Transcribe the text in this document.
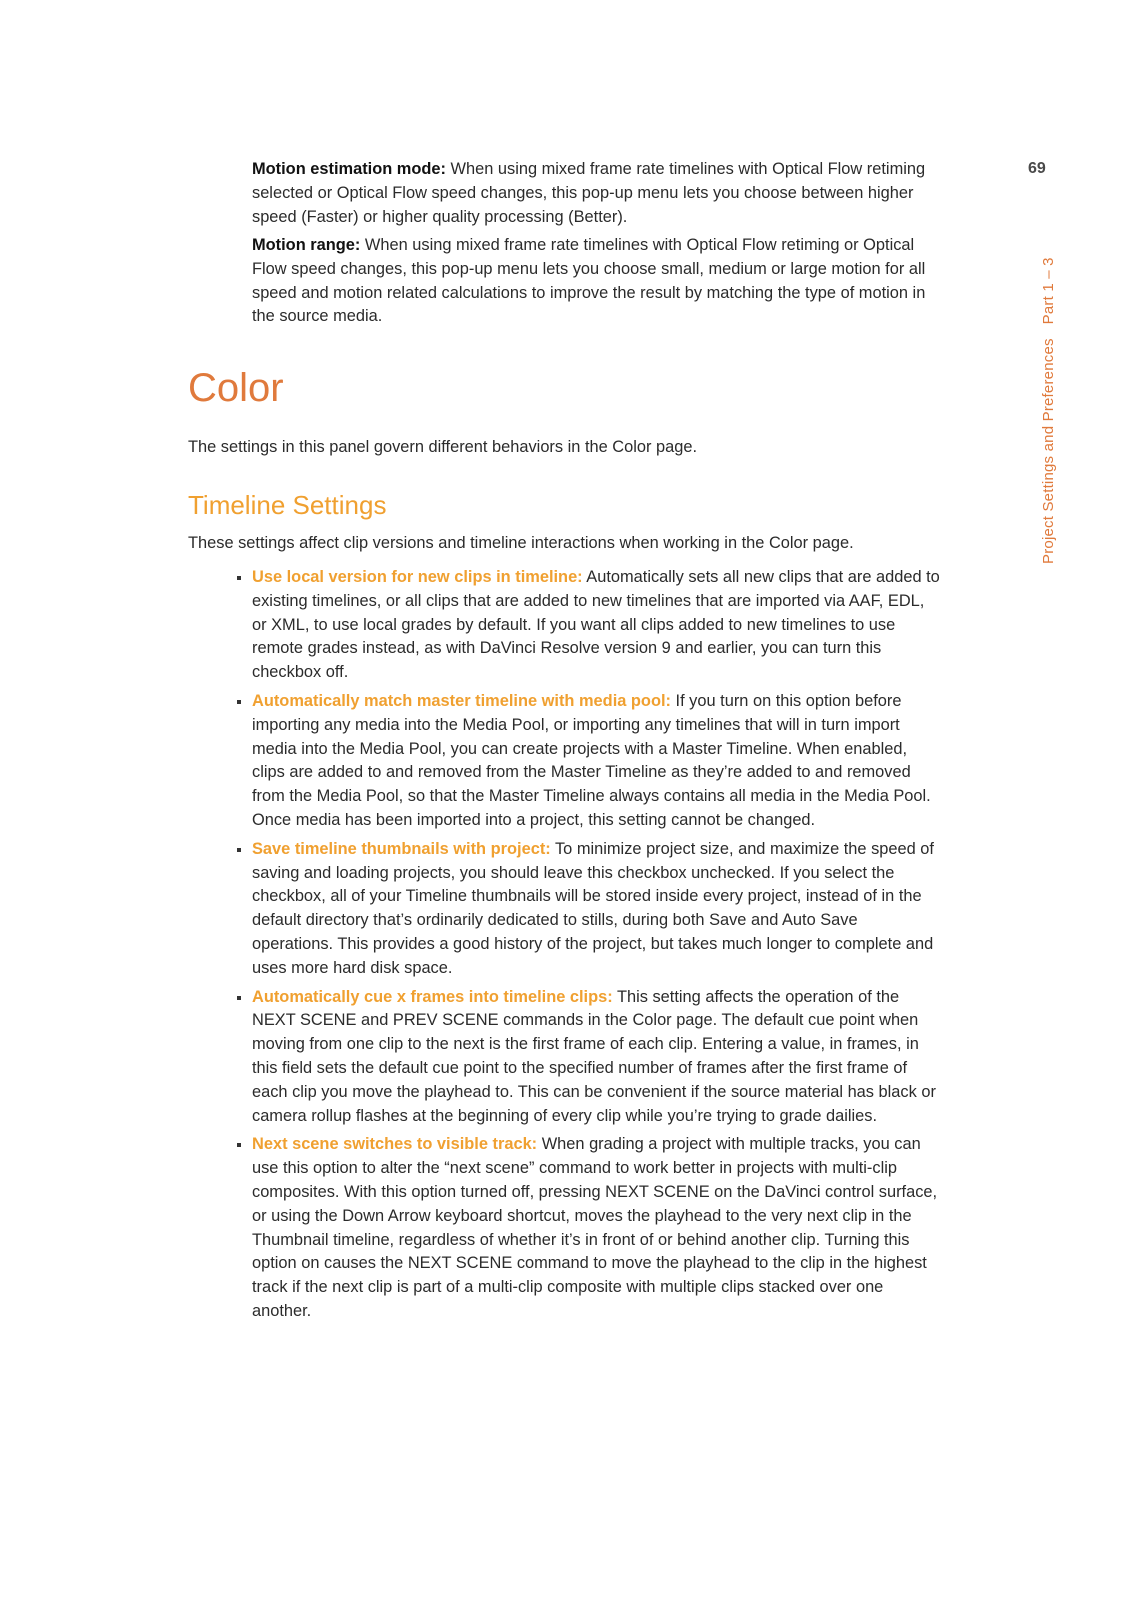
69
Project Settings and PreferencesPart 1 – 3
Motion estimation mode: When using mixed frame rate timelines with Optical Flow retiming selected or Optical Flow speed changes, this pop-up menu lets you choose between higher speed (Faster) or higher quality processing (Better).
Motion range: When using mixed frame rate timelines with Optical Flow retiming or Optical Flow speed changes, this pop-up menu lets you choose small, medium or large motion for all speed and motion related calculations to improve the result by matching the type of motion in the source media.
Color
The settings in this panel govern different behaviors in the Color page.
Timeline Settings
These settings affect clip versions and timeline interactions when working in the Color page.
Use local version for new clips in timeline: Automatically sets all new clips that are added to existing timelines, or all clips that are added to new timelines that are imported via AAF, EDL, or XML, to use local grades by default. If you want all clips added to new timelines to use remote grades instead, as with DaVinci Resolve version 9 and earlier, you can turn this checkbox off.
Automatically match master timeline with media pool: If you turn on this option before importing any media into the Media Pool, or importing any timelines that will in turn import media into the Media Pool, you can create projects with a Master Timeline. When enabled, clips are added to and removed from the Master Timeline as they’re added to and removed from the Media Pool, so that the Master Timeline always contains all media in the Media Pool. Once media has been imported into a project, this setting cannot be changed.
Save timeline thumbnails with project: To minimize project size, and maximize the speed of saving and loading projects, you should leave this checkbox unchecked. If you select the checkbox, all of your Timeline thumbnails will be stored inside every project, instead of in the default directory that’s ordinarily dedicated to stills, during both Save and Auto Save operations. This provides a good history of the project, but takes much longer to complete and uses more hard disk space.
Automatically cue x frames into timeline clips: This setting affects the operation of the NEXT SCENE and PREV SCENE commands in the Color page. The default cue point when moving from one clip to the next is the first frame of each clip. Entering a value, in frames, in this field sets the default cue point to the specified number of frames after the first frame of each clip you move the playhead to. This can be convenient if the source material has black or camera rollup flashes at the beginning of every clip while you’re trying to grade dailies.
Next scene switches to visible track: When grading a project with multiple tracks, you can use this option to alter the “next scene” command to work better in projects with multi-clip composites. With this option turned off, pressing NEXT SCENE on the DaVinci control surface, or using the Down Arrow keyboard shortcut, moves the playhead to the very next clip in the Thumbnail timeline, regardless of whether it’s in front of or behind another clip. Turning this option on causes the NEXT SCENE command to move the playhead to the clip in the highest track if the next clip is part of a multi-clip composite with multiple clips stacked over one another.
